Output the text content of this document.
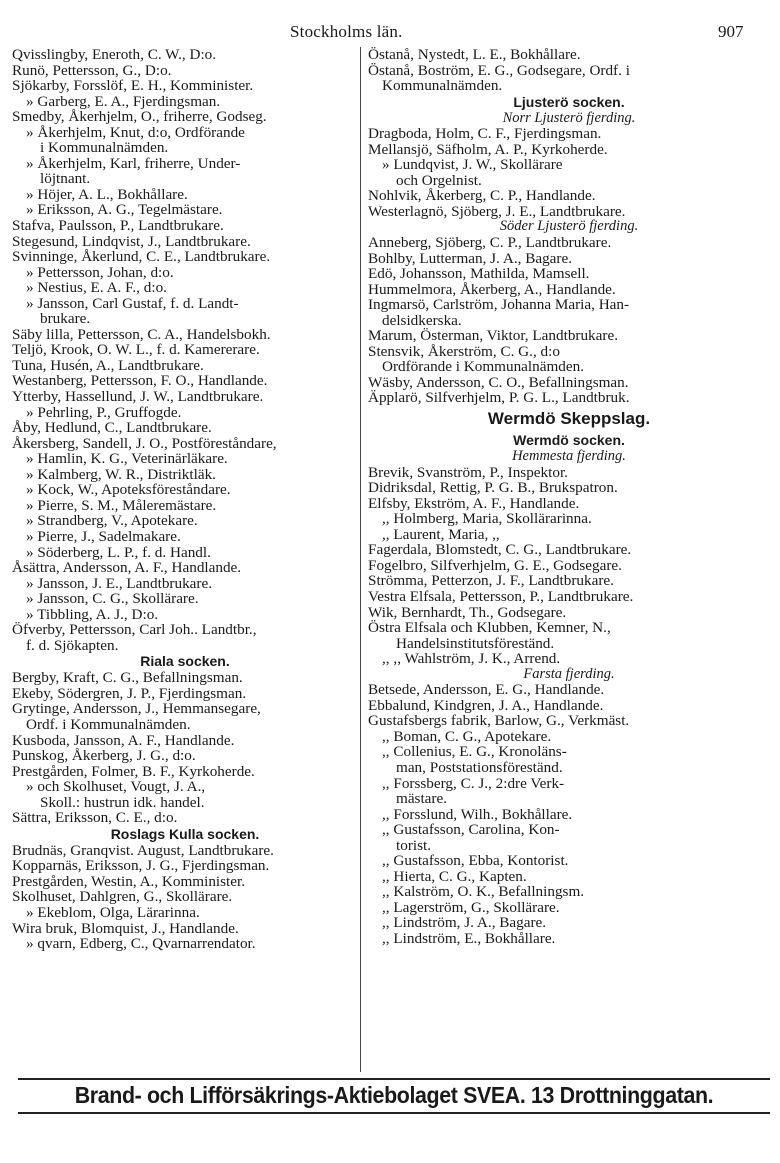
Stockholms län.	907
Qvisslingby, Eneroth, C. W., D:o.
Runö, Pettersson, G., D:o.
Sjökarby, Forsslöf, E. H., Komminister.
» Garberg, E. A., Fjerdingsman.
Smedby, Åkerhjelm, O., friherre, Godseg.
» Åkerhjelm, Knut, d:o, Ordförande
i Kommunalnämden.
» Åkerhjelm, Karl, friherre, Under-
löjtnant.
» Höjer, A. L., Bokhållare.
» Eriksson, A. G., Tegelmästare.
Stafva, Paulsson, P., Landtbrukare.
Stegesund, Lindqvist, J., Landtbrukare.
Svinninge, Åkerlund, C. E., Landtbrukare.
» Pettersson, Johan, d:o.
» Nestius, E. A. F., d:o.
» Jansson, Carl Gustaf, f. d. Landt-
brukare.
Säby lilla, Pettersson, C. A., Handelsbokh.
Teljö, Krook, O. W. L., f. d. Kamererare.
Tuna, Husén, A., Landtbrukare.
Westanberg, Pettersson, F. O., Handlande.
Ytterby, Hassellund, J. W., Landtbrukare.
» Pehrling, P., Gruffogde.
Åby, Hedlund, C., Landtbrukare.
Åkersberg, Sandell, J. O., Postföreståndare,
» Hamlin, K. G., Veterinärläkare.
» Kalmberg, W. R., Distriktläk.
» Kock, W., Apoteksföreståndare.
» Pierre, S. M., Måleremästare.
» Strandberg, V., Apotekare.
» Pierre, J., Sadelmakare.
» Söderberg, L. P., f. d. Handl.
Åsättra, Andersson, A. F., Handlande.
» Jansson, J. E., Landtbrukare.
» Jansson, C. G., Skollärare.
» Tibbling, A. J., D:o.
Öfverby, Pettersson, Carl Joh.. Landtbr.,
f. d. Sjökapten.
Riala socken.
Bergby, Kraft, C. G., Befallningsman.
Ekeby, Södergren, J. P., Fjerdingsman.
Grytinge, Andersson, J., Hemmansegare,
Ordf. i Kommunalnämden.
Kusboda, Jansson, A. F., Handlande.
Punskog, Åkerberg, J. G., d:o.
Prestgården, Folmer, B. F., Kyrkoherde.
» och Skolhuset, Vougt, J. A.,
Skoll.: hustrun idk. handel.
Sättra, Eriksson, C. E., d:o.
Roslags Kulla socken.
Brudnäs, Granqvist. August, Landtbrukare.
Kopparnäs, Eriksson, J. G., Fjerdingsman.
Prestgården, Westin, A., Komminister.
Skolhuset, Dahlgren, G., Skollärare.
» Ekeblom, Olga, Lärarinna.
Wira bruk, Blomquist, J., Handlande.
» qvarn, Edberg, C., Qvarnarrendator.
Östanå, Nystedt, L. E., Bokhållare.
Östanå, Boström, E. G., Godsegare, Ordf. i
Kommunalnämden.
Ljusterö socken.
Norr Ljusterö fjerding.
Dragboda, Holm, C. F., Fjerdingsman.
Mellansjö, Säfholm, A. P., Kyrkoherde.
» Lundqvist, J. W., Skollärare
och Orgelnist.
Nohlvik, Åkerberg, C. P., Handlande.
Westerlagnö, Sjöberg, J. E., Landtbrukare.
Söder Ljusterö fjerding.
Anneberg, Sjöberg, C. P., Landtbrukare.
Bohlby, Lutterman, J. A., Bagare.
Edö, Johansson, Mathilda, Mamsell.
Hummelmora, Åkerberg, A., Handlande.
Ingmarsö, Carlström, Johanna Maria, Han-
delsidkerska.
Marum, Österman, Viktor, Landtbrukare.
Stensvik, Åkerström, C. G., d:o
Ordförande i Kommunalnämden.
Wäsby, Andersson, C. O., Befallningsman.
Äpplarö, Silfverhjelm, P. G. L., Landtbruk.
Wermdö Skeppslag.
Wermdö socken.
Hemmesta fjerding.
Brevik, Svanström, P., Inspektor.
Didriksdal, Rettig, P. G. B., Brukspatron.
Elfsby, Ekström, A. F., Handlande.
,, Holmberg, Maria, Skollärarinna.
,, Laurent, Maria, ,,
Fagerdala, Blomstedt, C. G., Landtbrukare.
Fogelbro, Silfverhjelm, G. E., Godsegare.
Strömma, Petterzon, J. F., Landtbrukare.
Vestra Elfsala, Pettersson, P., Landtbrukare.
Wik, Bernhardt, Th., Godsegare.
Östra Elfsala och Klubben, Kemner, N.,
Handelsinstitutsföreständ.
,, ,, Wahlström, J. K., Arrend.
Farsta fjerding.
Betsede, Andersson, E. G., Handlande.
Ebbalund, Kindgren, J. A., Handlande.
Gustafsbergs fabrik, Barlow, G., Verkmäst.
,, Boman, C. G., Apotekare.
,, Collenius, E. G., Kronoläns-
man, Poststationsföreständ.
,, Forssberg, C. J., 2:dre Verk-
mästare.
,, Forsslund, Wilh., Bokhållare.
,, Gustafsson, Carolina, Kon-
torist.
,, Gustafsson, Ebba, Kontorist.
,, Hierta, C. G., Kapten.
,, Kalström, O. K., Befallningsm.
,, Lagerström, G., Skollärare.
,, Lindström, J. A., Bagare.
,, Lindström, E., Bokhållare.
Brand- och Lifförsäkrings-Aktiebolaget SVEA. 13 Drottninggatan.
